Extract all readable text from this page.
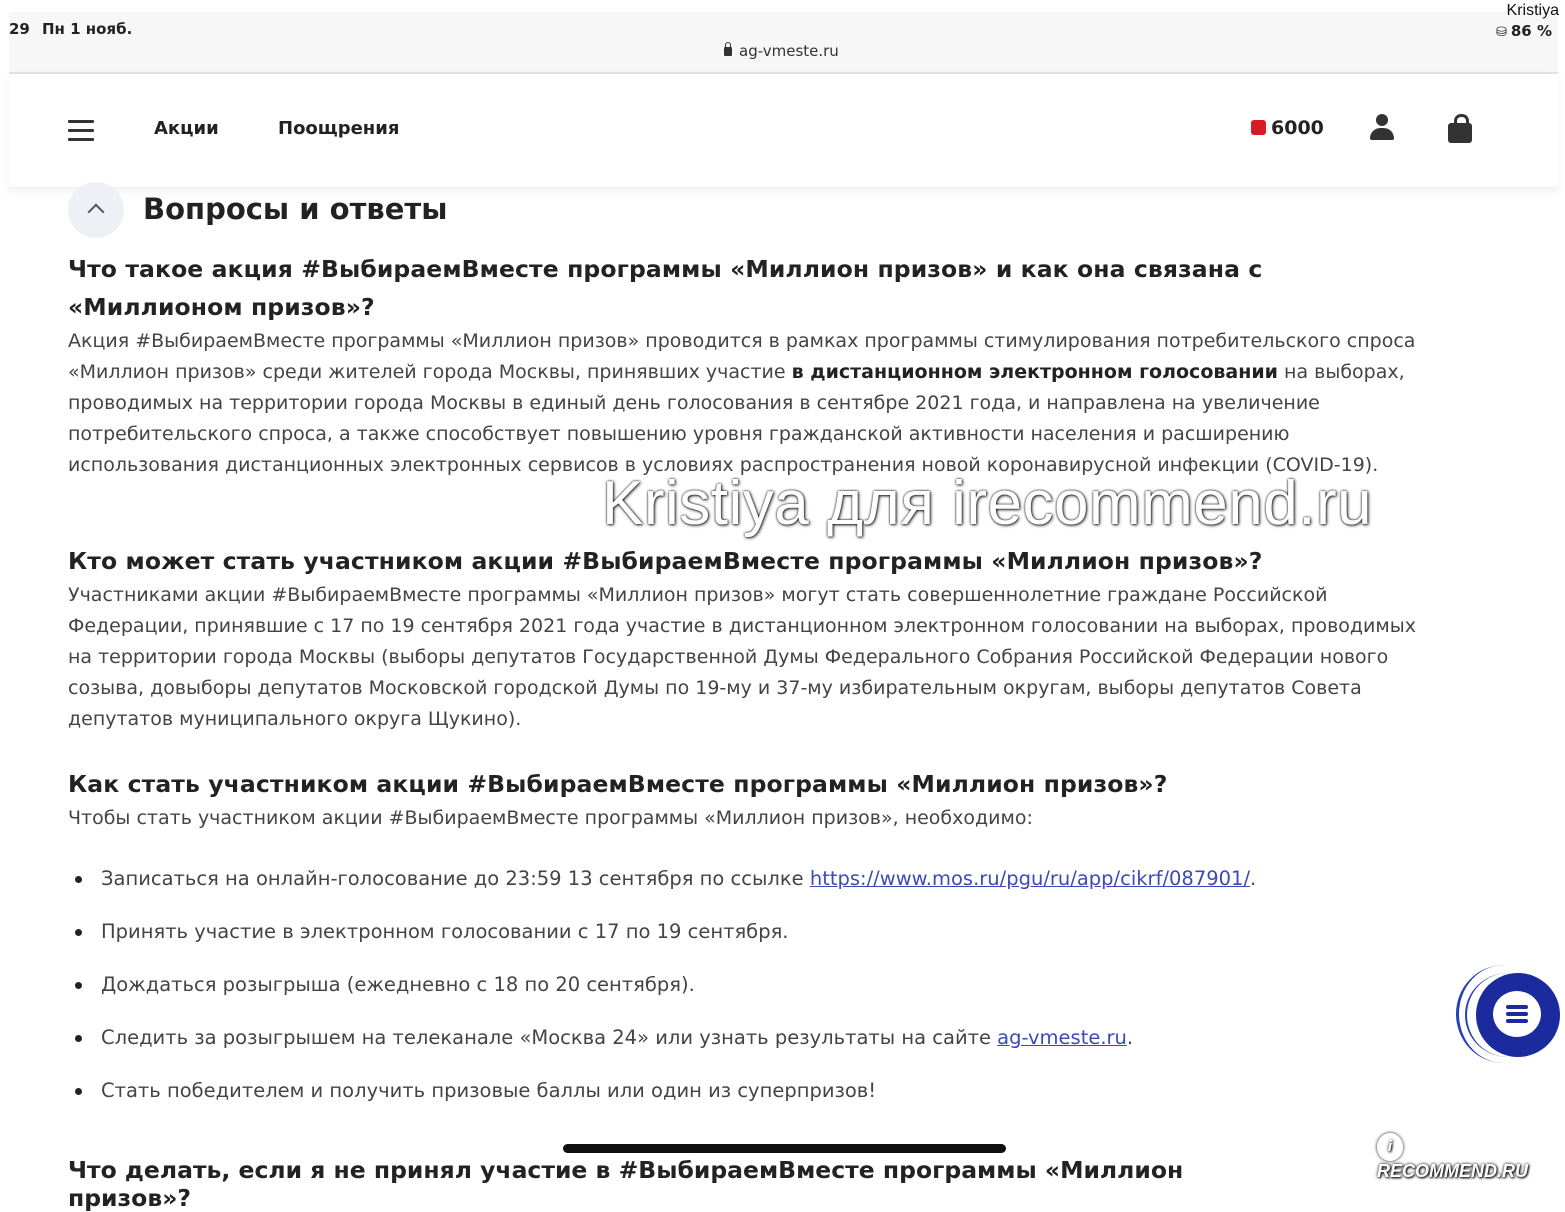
29 Пн 1 нояб.
ag-vmeste.ru
⛁ 86 %
Kristiya
Акции	Поощрения	6000
Вопросы и ответы
Что такое акция #ВыбираемВместе программы «Миллион призов» и как она связана с «Миллионом призов»?

Акция #ВыбираемВместе программы «Миллион призов» проводится в рамках программы стимулирования потребительского спроса «Миллион призов» среди жителей города Москвы, принявших участие в дистанционном электронном голосовании на выборах, проводимых на территории города Москвы в единый день голосования в сентябре 2021 года, и направлена на увеличение потребительского спроса, а также способствует повышению уровня гражданской активности населения и расширению использования дистанционных электронных сервисов в условиях распространения новой коронавирусной инфекции (COVID-19).

Кто может стать участником акции #ВыбираемВместе программы «Миллион призов»?

Участниками акции #ВыбираемВместе программы «Миллион призов» могут стать совершеннолетние граждане Российской Федерации, принявшие с 17 по 19 сентября 2021 года участие в дистанционном электронном голосовании на выборах, проводимых на территории города Москвы (выборы депутатов Государственной Думы Федерального Собрания Российской Федерации нового созыва, довыборы депутатов Московской городской Думы по 19-му и 37-му избирательным округам, выборы депутатов Совета депутатов муниципального округа Щукино).

Как стать участником акции #ВыбираемВместе программы «Миллион призов»?

Чтобы стать участником акции #ВыбираемВместе программы «Миллион призов», необходимо:

Записаться на онлайн-голосование до 23:59 13 сентября по ссылке https://www.mos.ru/pgu/ru/app/cikrf/087901/.
Принять участие в электронном голосовании с 17 по 19 сентября.
Дождаться розыгрыша (ежедневно с 18 по 20 сентября).
Следить за розыгрышем на телеканале «Москва 24» или узнать результаты на сайте ag-vmeste.ru.
Стать победителем и получить призовые баллы или один из суперпризов!
Что делать, если я не принял участие в #ВыбираемВместе программы «Миллион призов»?
Kristiya для irecommend.ru
iRECOMMEND.RU
